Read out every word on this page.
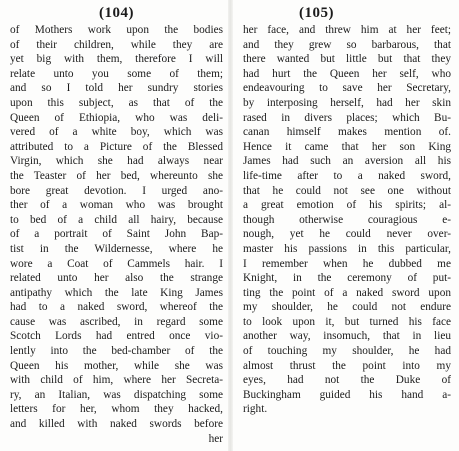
(104)
of Mothers work upon the bodies
of their children, while they are
yet big with them, therefore I will
relate unto you some of them;
and so I told her sundry stories
upon this subject, as that of the
Queen of Ethiopia, who was deli-
vered of a white boy, which was
attributed to a Picture of the Blessed
Virgin, which she had always near
the Teaster of her bed, whereunto she
bore great devotion. I urged ano-
ther of a woman who was brought
to bed of a child all hairy, because
of a portrait of Saint John Bap-
tist in the Wildernesse, where he
wore a Coat of Cammels hair. I
related unto her also the strange
antipathy which the late King James
had to a naked sword, whereof the
cause was ascribed, in regard some
Scotch Lords had entred once vio-
lently into the bed-chamber of the
Queen his mother, while she was
with child of him, where her Secreta-
ry, an Italian, was dispatching some
letters for her, whom they hacked,
and killed with naked swords before
her
(105)
her face, and threw him at her feet;
and they grew so barbarous, that
there wanted but little but that they
had hurt the Queen her self, who
endeavouring to save her Secretary,
by interposing herself, had her skin
rased in divers places; which Bu-
canan himself makes mention of.
Hence it came that her son King
James had such an aversion all his
life-time after to a naked sword,
that he could not see one without
a great emotion of his spirits; al-
though otherwise couragious e-
nough, yet he could never over-
master his passions in this particular,
I remember when he dubbed me
Knight, in the ceremony of put-
ting the point of a naked sword upon
my shoulder, he could not endure
to look upon it, but turned his face
another way, insomuch, that in lieu
of touching my shoulder, he had
almost thrust the point into my
eyes, had not the Duke of
Buckingham guided his hand a-
right.
